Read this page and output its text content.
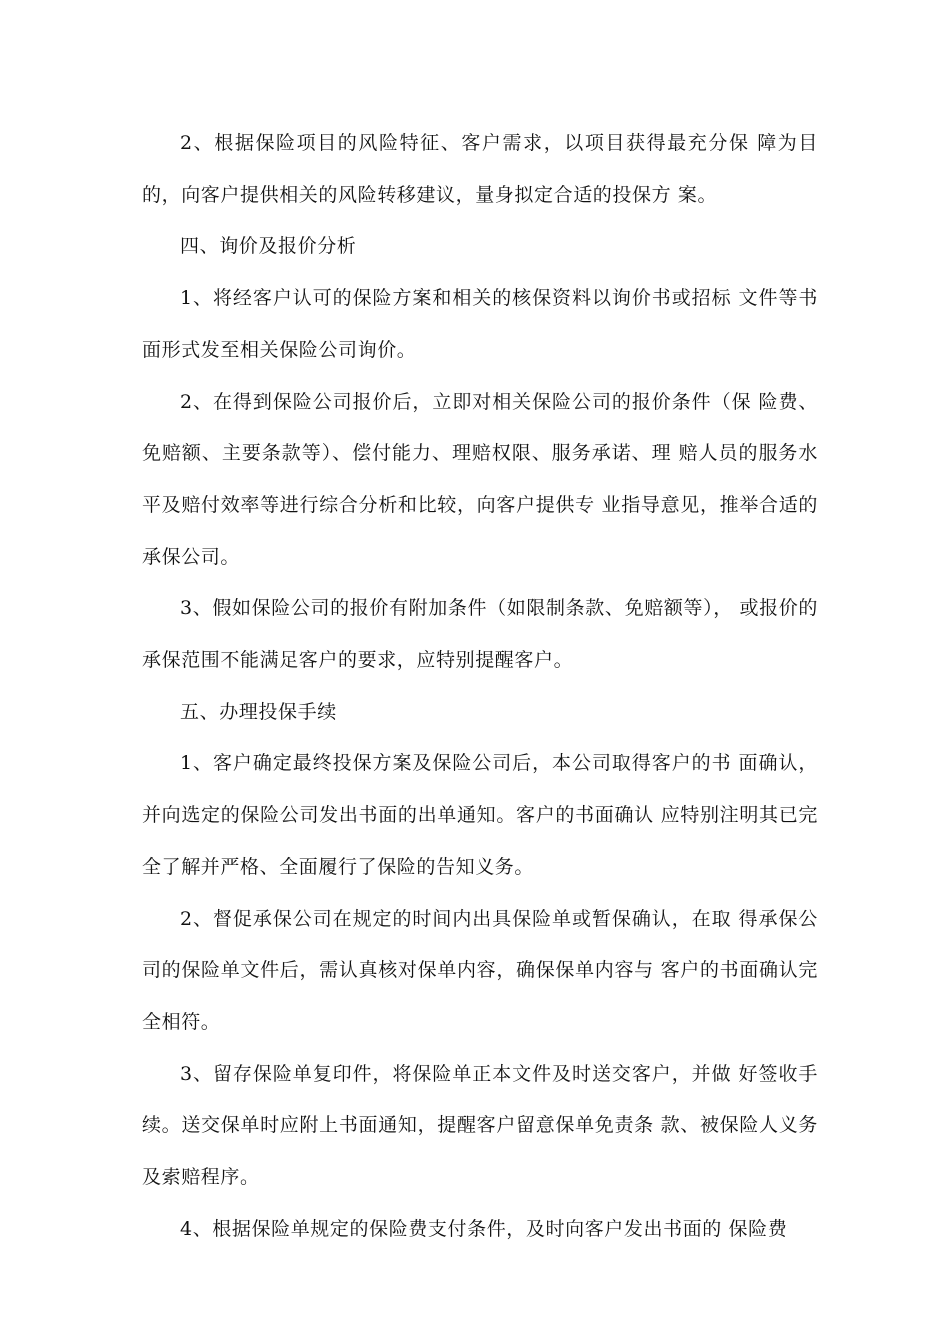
2、根据保险项目的风险特征、客户需求，以项目获得最充分保 障为目的，向客户提供相关的风险转移建议，量身拟定合适的投保方 案。

四、询价及报价分析

1、将经客户认可的保险方案和相关的核保资料以询价书或招标 文件等书面形式发至相关保险公司询价。

2、在得到保险公司报价后，立即对相关保险公司的报价条件（保 险费、免赔额、主要条款等）、偿付能力、理赔权限、服务承诺、理 赔人员的服务水平及赔付效率等进行综合分析和比较，向客户提供专 业指导意见，推举合适的承保公司。

3、假如保险公司的报价有附加条件（如限制条款、免赔额等）， 或报价的承保范围不能满足客户的要求，应特别提醒客户。

五、办理投保手续

1、客户确定最终投保方案及保险公司后，本公司取得客户的书 面确认，并向选定的保险公司发出书面的出单通知。客户的书面确认 应特别注明其已完全了解并严格、全面履行了保险的告知义务。

2、督促承保公司在规定的时间内出具保险单或暂保确认，在取 得承保公司的保险单文件后，需认真核对保单内容，确保保单内容与 客户的书面确认完全相符。

3、留存保险单复印件，将保险单正本文件及时送交客户，并做 好签收手续。送交保单时应附上书面通知，提醒客户留意保单免责条 款、被保险人义务及索赔程序。

4、根据保险单规定的保险费支付条件，及时向客户发出书面的 保险费
